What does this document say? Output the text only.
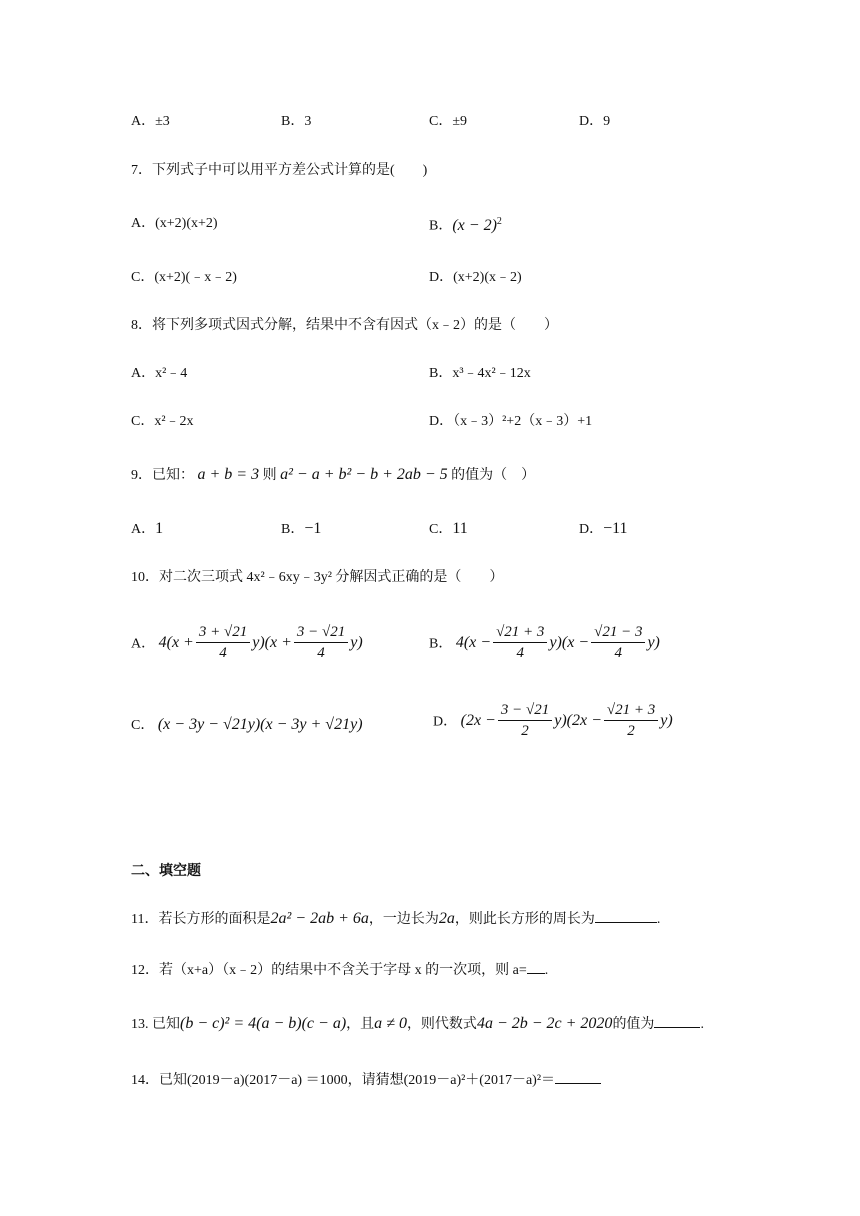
A．±3	B．3	C．±9	D．9
7．下列式子中可以用平方差公式计算的是(　　)
A．(x+2)(x+2)	B．$(x - 2)^2$
C．(x+2)(﹣x﹣2)	D．(x+2)(x﹣2)
8．将下列多项式因式分解，结果中不含有因式（x﹣2）的是（　　）
A．x²﹣4	B．x³﹣4x²﹣12x
C．x²﹣2x	D．（x﹣3）²+2（x﹣3）+1
9．已知： a + b = 3 则 a² − a + b² − b + 2ab − 5 的值为（　）
A．1	B．−1	C．11	D．−11
10．对二次三项式 4x²﹣6xy﹣3y² 分解因式正确的是（　　）
A． $4(x + \frac{3 + √21}{4} y)(x + \frac{3 - √21}{4} y)$	B． $4(x - \frac{√21 + 3}{4} y)(x - \frac{√21 - 3}{4} y)$
C． (x − 3y − √21y)(x − 3y + √21y)	D． $(2x - \frac{3 - √21}{2} y)(2x - \frac{√21 + 3}{2} y)$
二、填空题
11．若长方形的面积是2a² − 2ab + 6a，一边长为2a，则此长方形的周长为	.
12．若（x+a）（x﹣2）的结果中不含关于字母 x 的一次项，则 a= .
13. 已知(b − c)² = 4(a − b)(c − a)，且a ≠ 0，则代数式4a − 2b − 2c + 2020的值为	.
14．已知(2019－a)(2017－a) ＝1000，请猜想(2019－a)²＋(2017－a)²＝
